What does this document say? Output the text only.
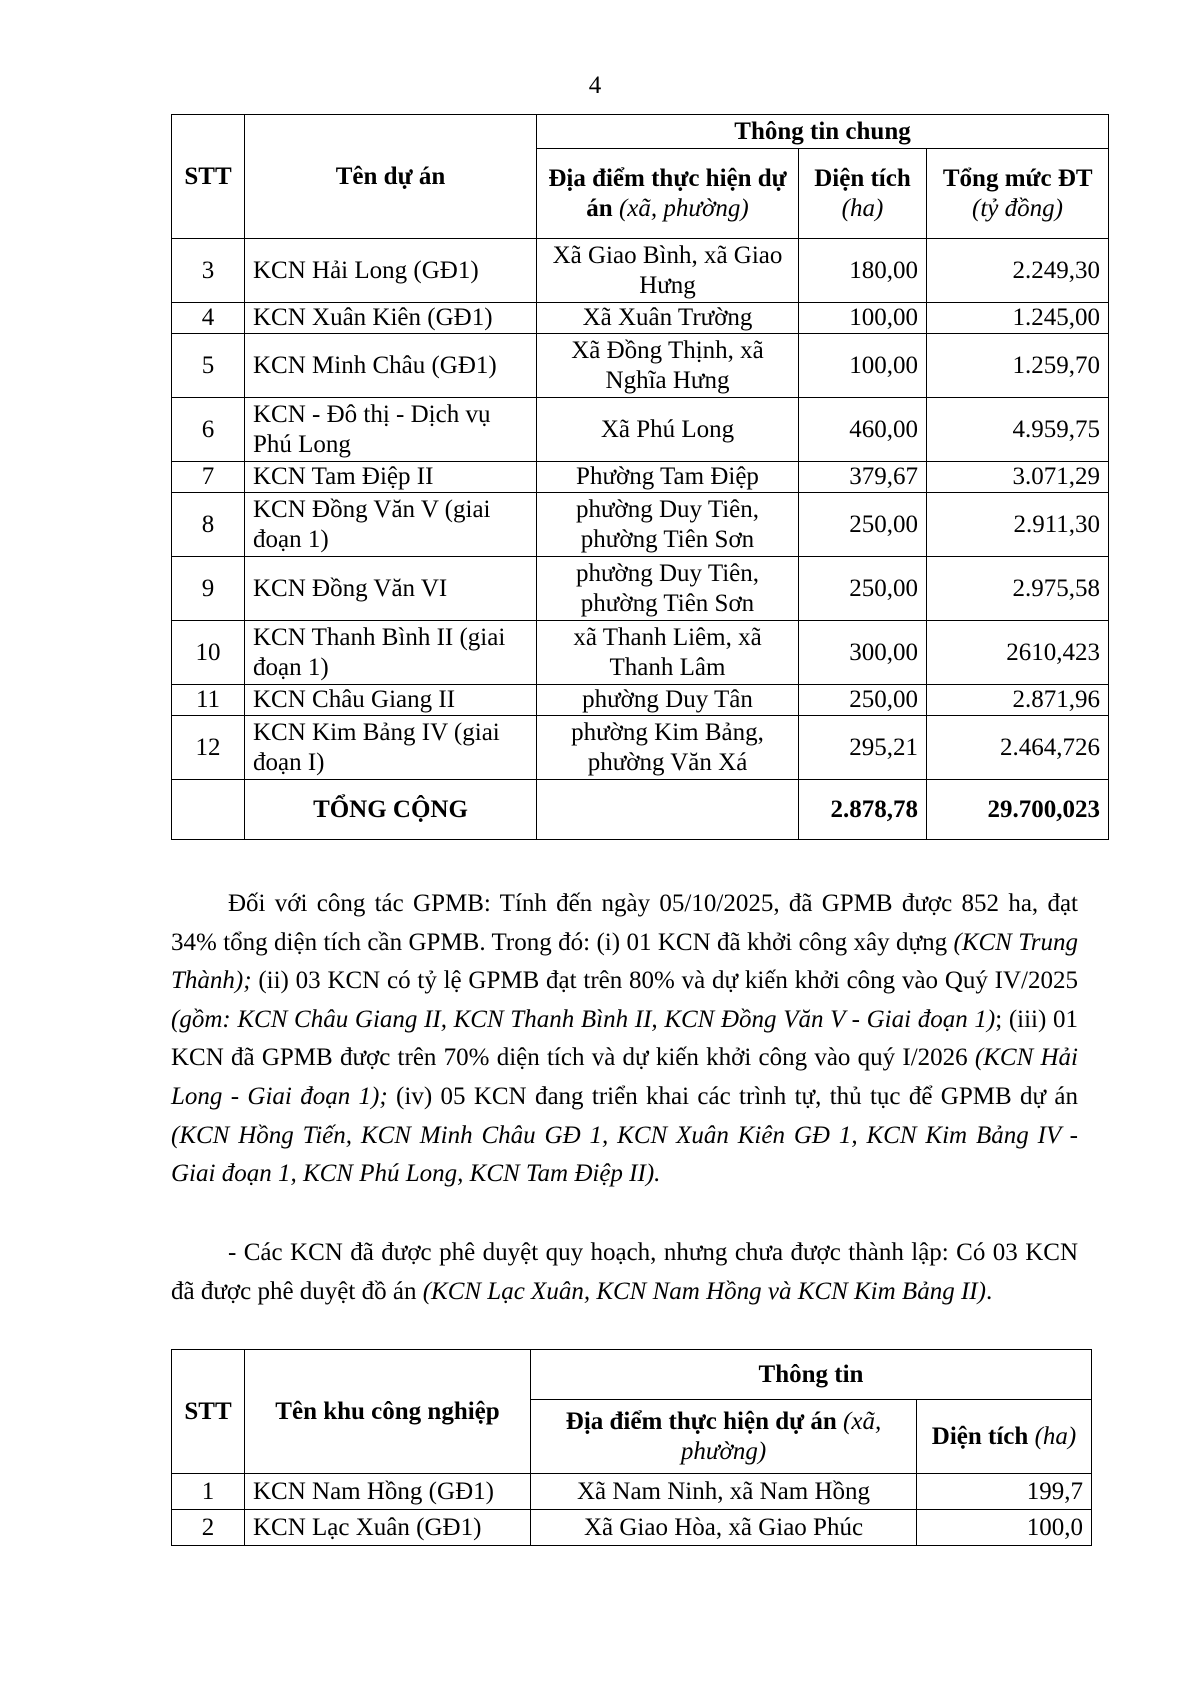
4
STT	Tên dự án	Thông tin chung		
		Địa điểm thực hiện dự án (xã, phường)	Diện tích (ha)	Tổng mức ĐT (tỷ đồng)
3	KCN Hải Long (GĐ1)	Xã Giao Bình, xã Giao Hưng	180,00	2.249,30
4	KCN Xuân Kiên (GĐ1)	Xã Xuân Trường	100,00	1.245,00
5	KCN Minh Châu (GĐ1)	Xã Đồng Thịnh, xã Nghĩa Hưng	100,00	1.259,70
6	KCN - Đô thị - Dịch vụ Phú Long	Xã Phú Long	460,00	4.959,75
7	KCN Tam Điệp II	Phường Tam Điệp	379,67	3.071,29
8	KCN Đồng Văn V (giai đoạn 1)	phường Duy Tiên, phường Tiên Sơn	250,00	2.911,30
9	KCN Đồng Văn VI	phường Duy Tiên, phường Tiên Sơn	250,00	2.975,58
10	KCN Thanh Bình II (giai đoạn 1)	xã Thanh Liêm, xã Thanh Lâm	300,00	2610,423
11	KCN Châu Giang II	phường Duy Tân	250,00	2.871,96
12	KCN Kim Bảng IV (giai đoạn I)	phường Kim Bảng, phường Văn Xá	295,21	2.464,726
	TỔNG CỘNG		2.878,78	29.700,023

Đối với công tác GPMB: Tính đến ngày 05/10/2025, đã GPMB được 852 ha, đạt 34% tổng diện tích cần GPMB. Trong đó: (i) 01 KCN đã khởi công xây dựng (KCN Trung Thành); (ii) 03 KCN có tỷ lệ GPMB đạt trên 80% và dự kiến khởi công vào Quý IV/2025 (gồm: KCN Châu Giang II, KCN Thanh Bình II, KCN Đồng Văn V - Giai đoạn 1); (iii) 01 KCN đã GPMB được trên 70% diện tích và dự kiến khởi công vào quý I/2026 (KCN Hải Long - Giai đoạn 1); (iv) 05 KCN đang triển khai các trình tự, thủ tục để GPMB dự án (KCN Hồng Tiến, KCN Minh Châu GĐ 1, KCN Xuân Kiên GĐ 1, KCN Kim Bảng IV - Giai đoạn 1, KCN Phú Long, KCN Tam Điệp II).

- Các KCN đã được phê duyệt quy hoạch, nhưng chưa được thành lập: Có 03 KCN đã được phê duyệt đồ án (KCN Lạc Xuân, KCN Nam Hồng và KCN Kim Bảng II).

STT	Tên khu công nghiệp	Thông tin	
		Địa điểm thực hiện dự án (xã, phường)	Diện tích (ha)
1	KCN Nam Hồng (GĐ1)	Xã Nam Ninh, xã Nam Hồng	199,7
2	KCN Lạc Xuân (GĐ1)	Xã Giao Hòa, xã Giao Phúc	100,0
